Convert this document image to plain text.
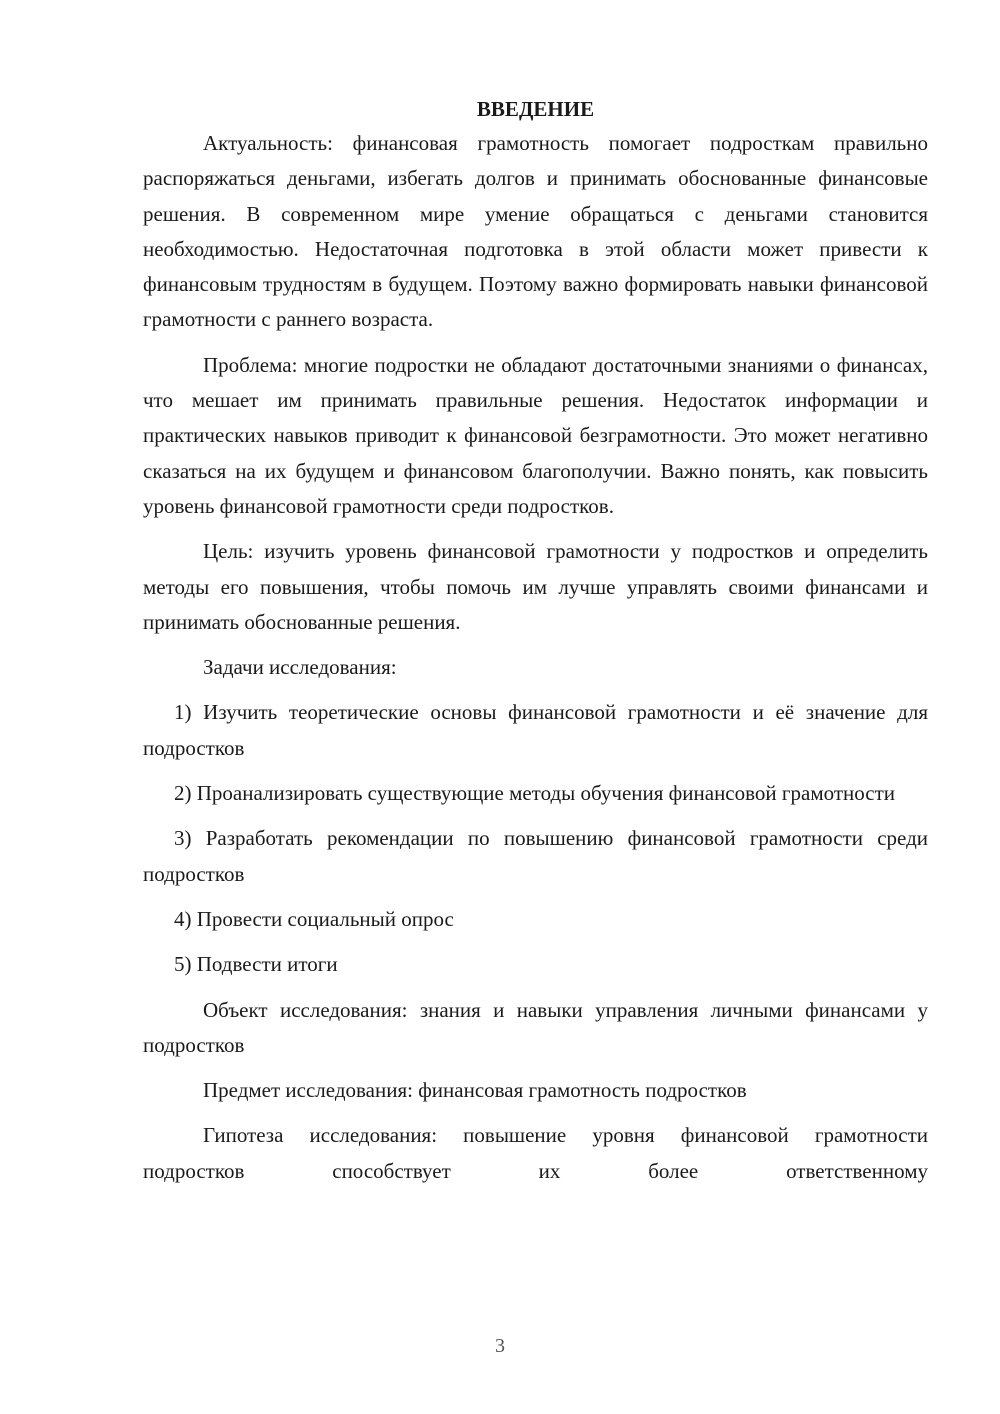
ВВЕДЕНИЕ

Актуальность: финансовая грамотность помогает подросткам правильно распоряжаться деньгами, избегать долгов и принимать обоснованные финансовые решения. В современном мире умение обращаться с деньгами становится необходимостью. Недостаточная подготовка в этой области может привести к финансовым трудностям в будущем. Поэтому важно формировать навыки финансовой грамотности с раннего возраста.

Проблема: многие подростки не обладают достаточными знаниями о финансах, что мешает им принимать правильные решения. Недостаток информации и практических навыков приводит к финансовой безграмотности. Это может негативно сказаться на их будущем и финансовом благополучии. Важно понять, как повысить уровень финансовой грамотности среди подростков.

Цель: изучить уровень финансовой грамотности у подростков и определить методы его повышения, чтобы помочь им лучше управлять своими финансами и принимать обоснованные решения.

Задачи исследования:

1) Изучить теоретические основы финансовой грамотности и её значение для подростков

2) Проанализировать существующие методы обучения финансовой грамотности

3) Разработать рекомендации по повышению финансовой грамотности среди подростков

4) Провести социальный опрос

5) Подвести итоги

Объект исследования: знания и навыки управления личными финансами у подростков

Предмет исследования: финансовая грамотность подростков

Гипотеза исследования: повышение уровня финансовой грамотности подростков способствует их более ответственному

3
